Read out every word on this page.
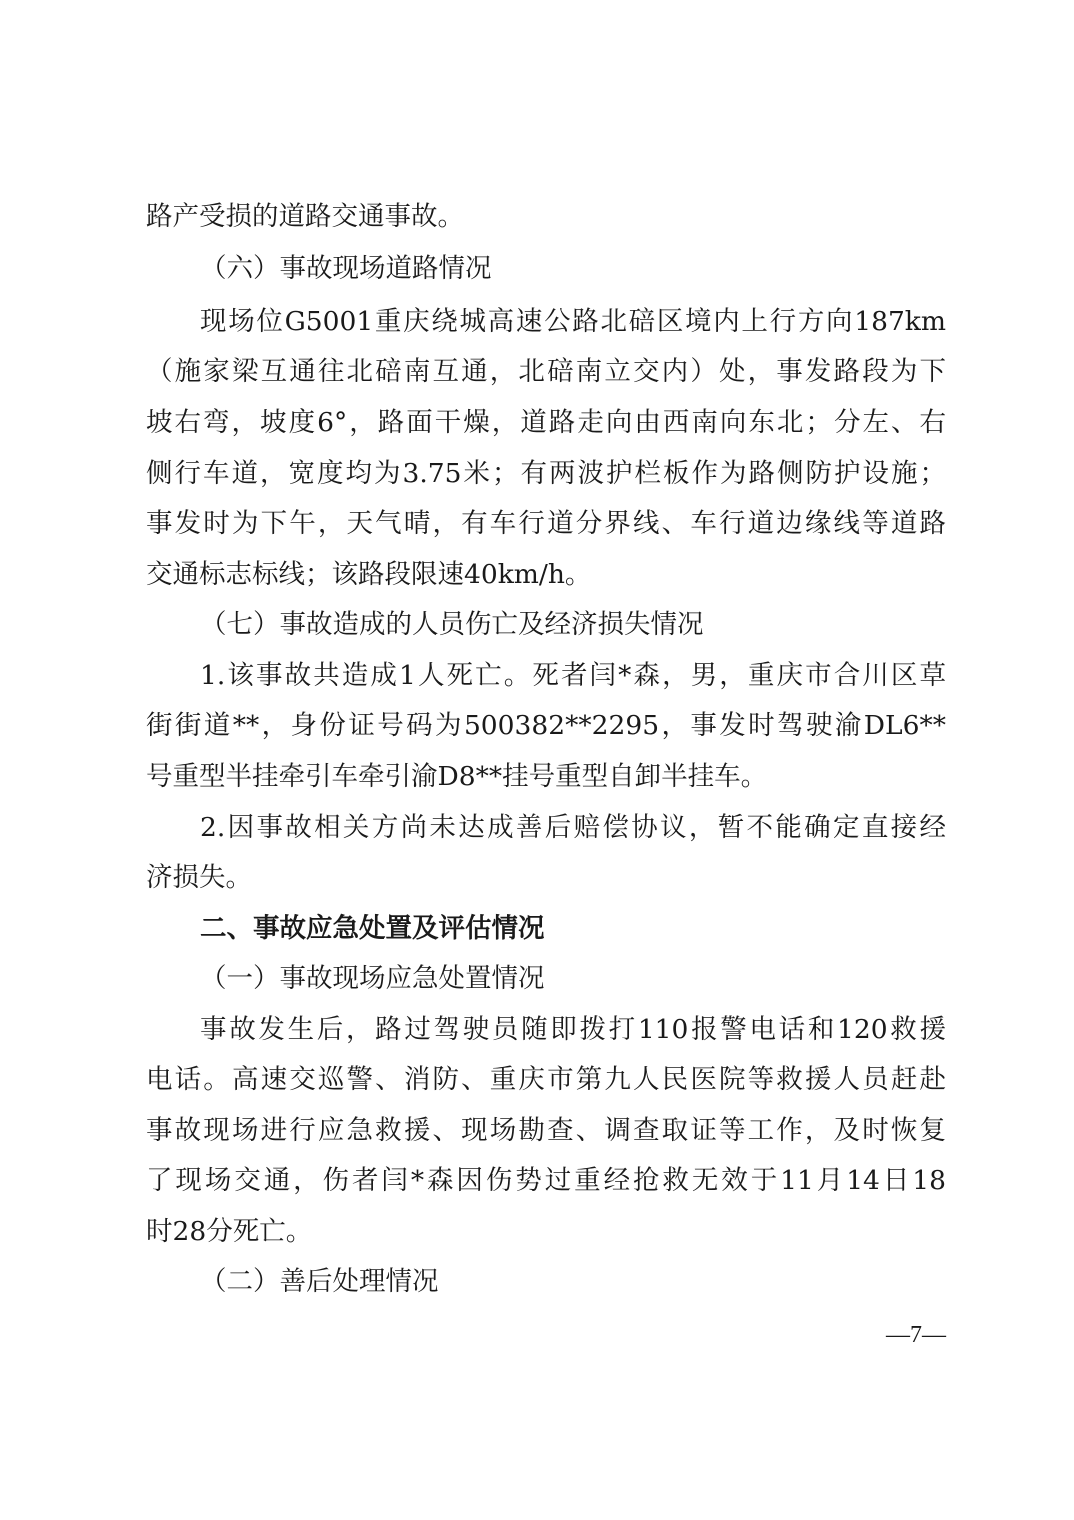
路产受损的道路交通事故。
（六）事故现场道路情况
现场位G5001重庆绕城高速公路北碚区境内上行方向187km
（施家梁互通往北碚南互通，北碚南立交内）处，事发路段为下
坡右弯，坡度6°，路面干燥，道路走向由西南向东北；分左、右
侧行车道，宽度均为3.75米；有两波护栏板作为路侧防护设施；
事发时为下午，天气晴，有车行道分界线、车行道边缘线等道路
交通标志标线；该路段限速40km/h。
（七）事故造成的人员伤亡及经济损失情况
1.该事故共造成1人死亡。死者闫*森，男，重庆市合川区草
街街道**，身份证号码为500382**2295，事发时驾驶渝DL6**
号重型半挂牵引车牵引渝D8**挂号重型自卸半挂车。
2.因事故相关方尚未达成善后赔偿协议，暂不能确定直接经
济损失。
二、事故应急处置及评估情况
（一）事故现场应急处置情况
事故发生后，路过驾驶员随即拨打110报警电话和120救援
电话。高速交巡警、消防、重庆市第九人民医院等救援人员赶赴
事故现场进行应急救援、现场勘查、调查取证等工作，及时恢复
了现场交通，伤者闫*森因伤势过重经抢救无效于11月14日18
时28分死亡。
（二）善后处理情况
—7—
